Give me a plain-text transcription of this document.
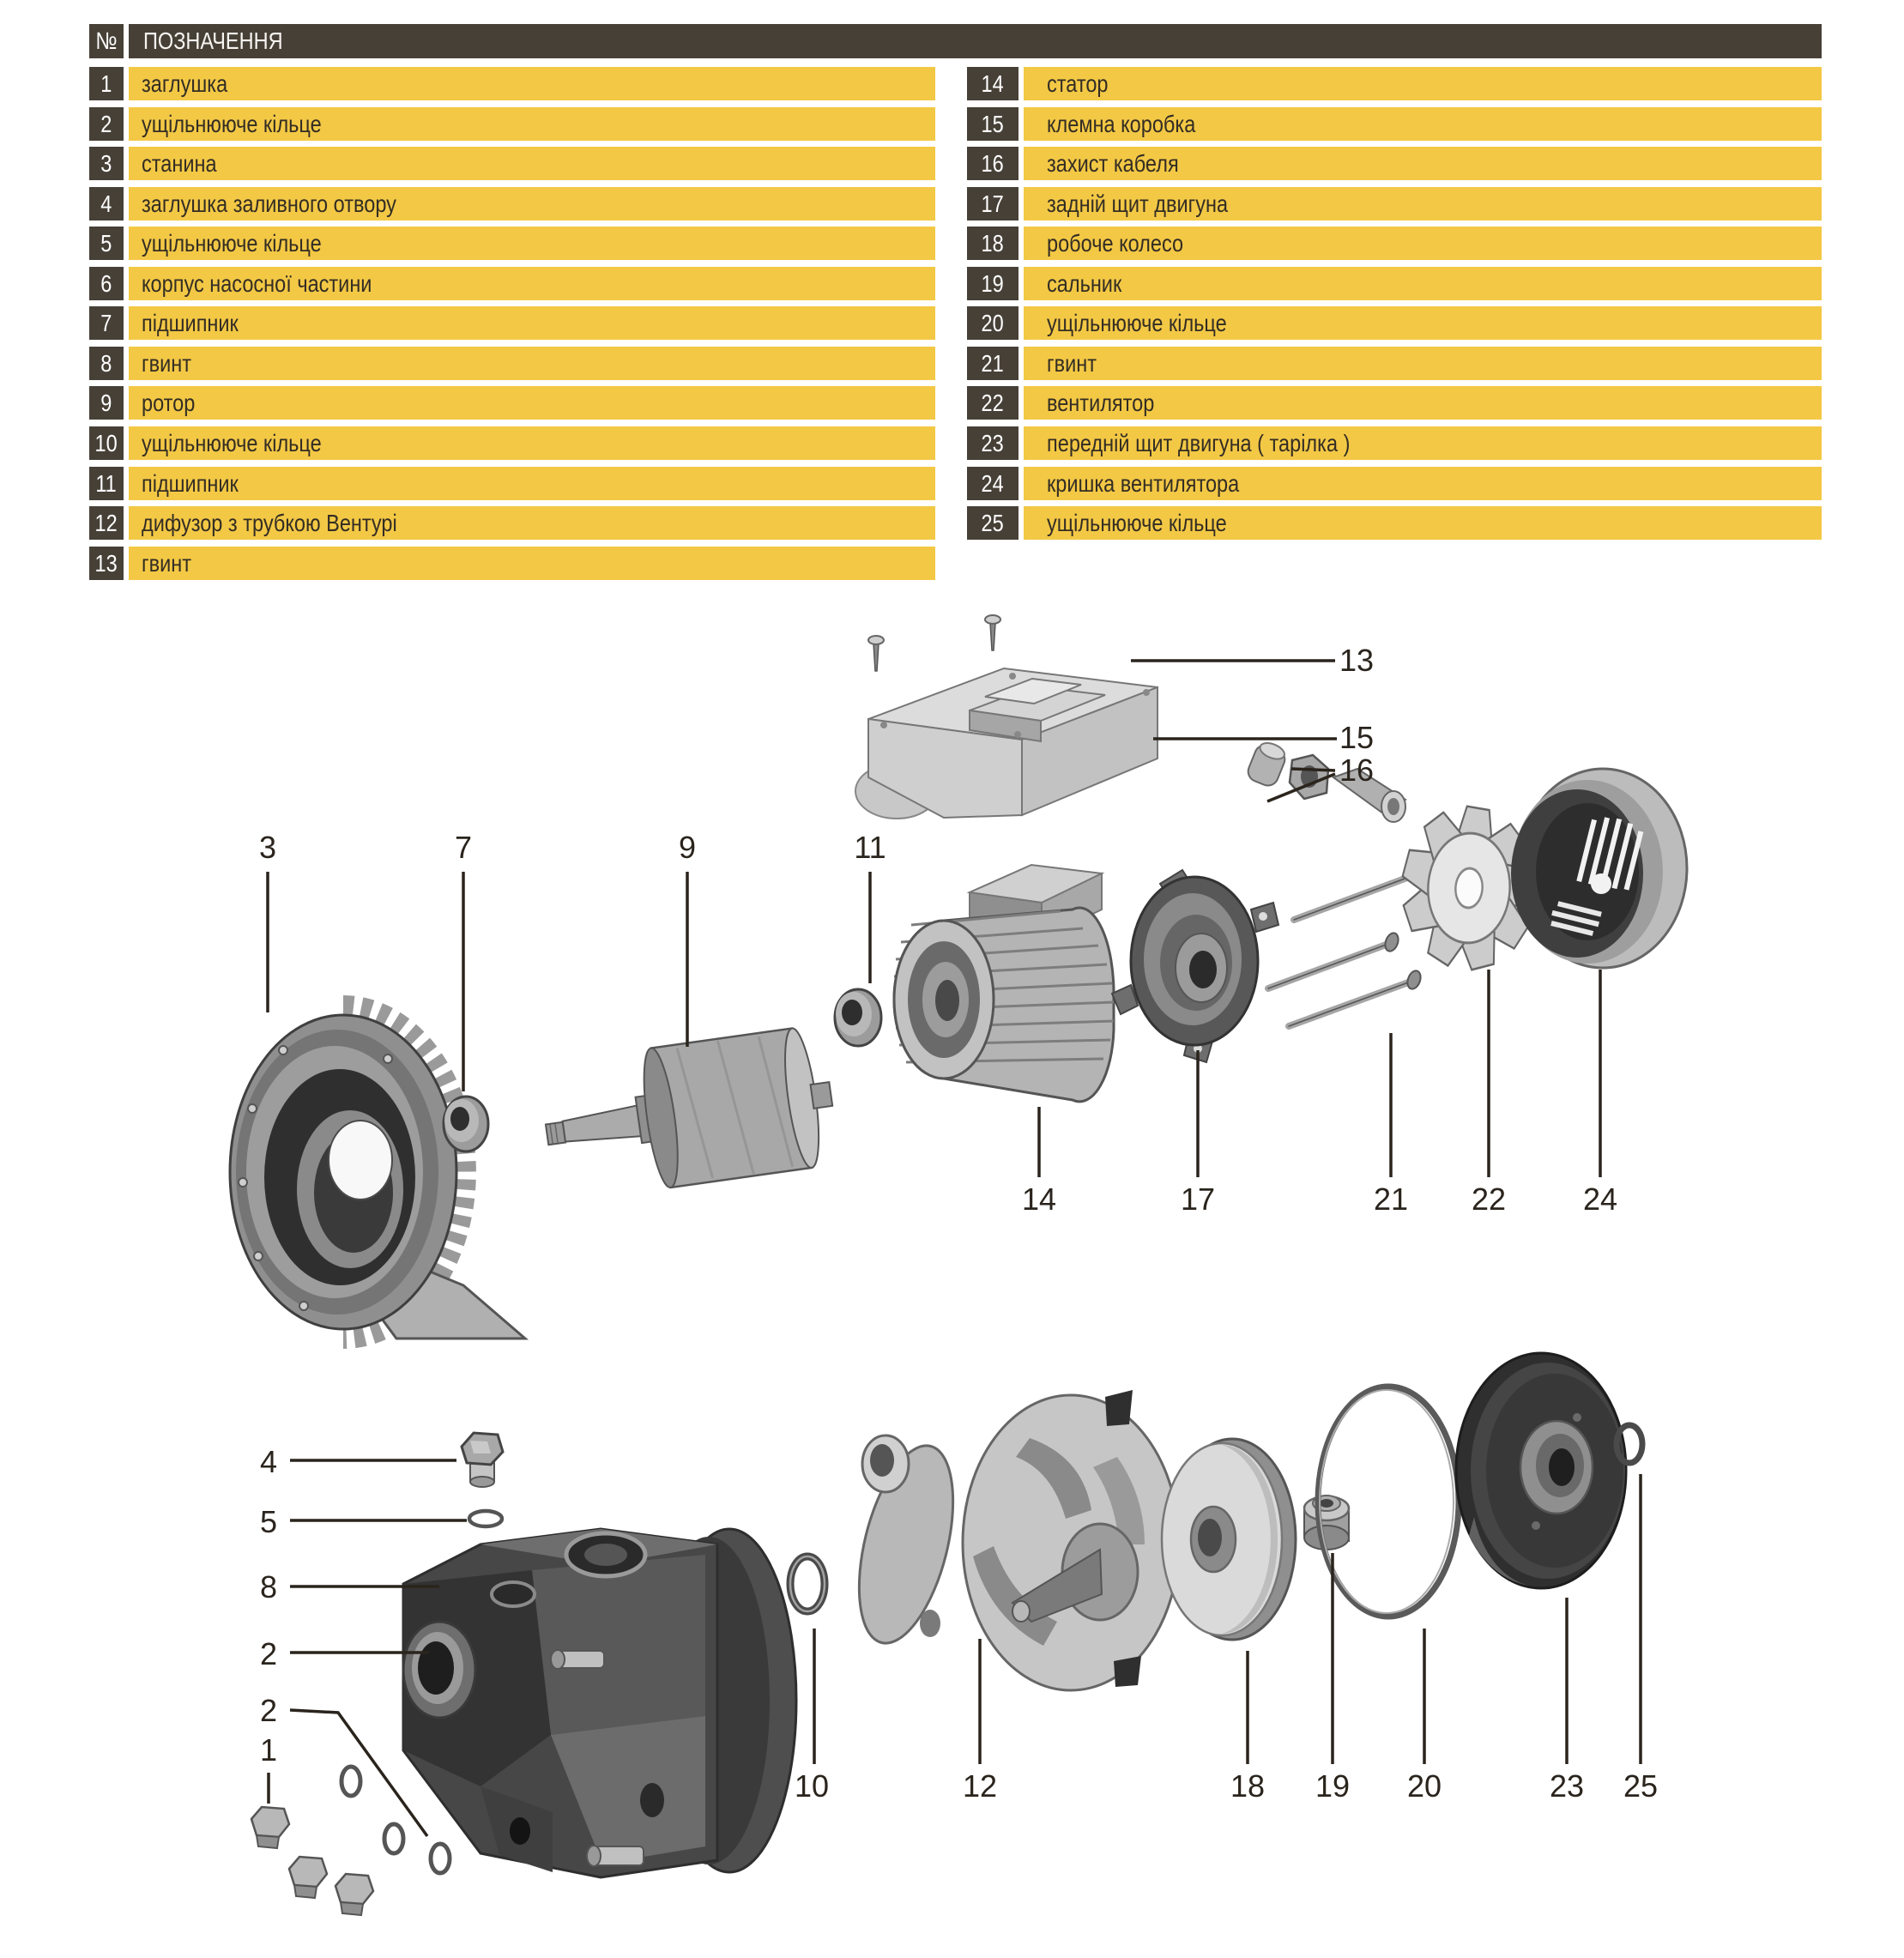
№	ПОЗНАЧЕННЯ
1	заглушка
2	ущільнююче кільце
3	станина
4	заглушка заливного отвору
5	ущільнююче кільце
6	корпус насосної частини
7	підшипник
8	гвинт
9	ротор
10 ущільнююче кільце
11	підшипник
12 дифузор з трубкою Вентурі
13 гвинт
14	статор
15	клемна коробка
16	захист кабеля
17	задній щит двигуна
18	робоче колесо
19	сальник
20	ущільнююче кільце
21	гвинт
22	вентилятор
23	передній щит двигуна ( тарілка )
24	кришка вентилятора
25	ущільнююче кільце
13
15
16
3	7	9	11
14	17	21 22 24
4
5
8
2
2
1
10	12	18 19 20	23 25
